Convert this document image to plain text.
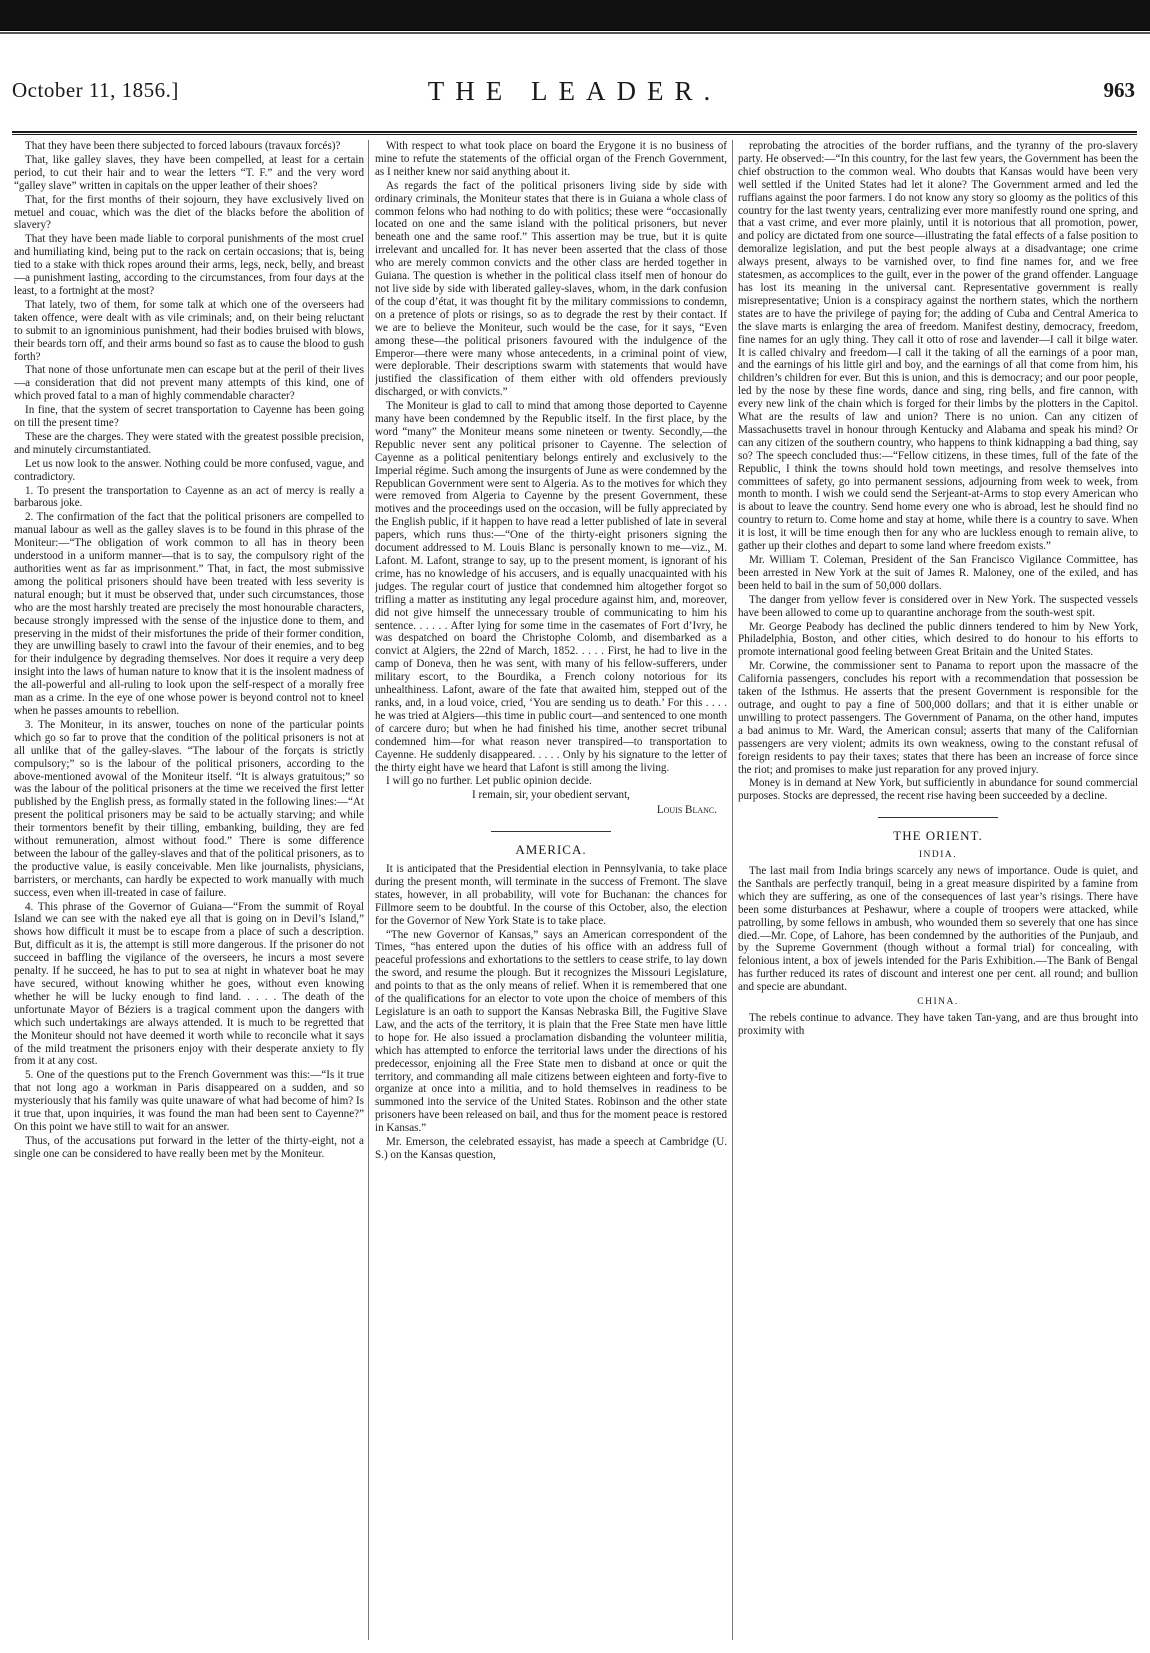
October 11, 1856.]	THE LEADER.	963

That they have been there subjected to forced labours (travaux forcés)?

That, like galley slaves, they have been compelled, at least for a certain period, to cut their hair and to wear the letters “T. F.” and the very word “galley slave” written in capitals on the upper leather of their shoes?

That, for the first months of their sojourn, they have exclusively lived on metuel and couac, which was the diet of the blacks before the abolition of slavery?

That they have been made liable to corporal punishments of the most cruel and humiliating kind, being put to the rack on certain occasions; that is, being tied to a stake with thick ropes around their arms, legs, neck, belly, and breast—a punishment lasting, according to the circumstances, from four days at the least, to a fortnight at the most?

That lately, two of them, for some talk at which one of the overseers had taken offence, were dealt with as vile criminals; and, on their being reluctant to submit to an ignominious punishment, had their bodies bruised with blows, their beards torn off, and their arms bound so fast as to cause the blood to gush forth?

That none of those unfortunate men can escape but at the peril of their lives—a consideration that did not prevent many attempts of this kind, one of which proved fatal to a man of highly commendable character?

In fine, that the system of secret transportation to Cayenne has been going on till the present time?

These are the charges. They were stated with the greatest possible precision, and minutely circumstantiated.

Let us now look to the answer. Nothing could be more confused, vague, and contradictory.

1. To present the transportation to Cayenne as an act of mercy is really a barbarous joke.

2. The confirmation of the fact that the political prisoners are compelled to manual labour as well as the galley slaves is to be found in this phrase of the Moniteur:—“The obligation of work common to all has in theory been understood in a uniform manner—that is to say, the compulsory right of the authorities went as far as imprisonment.” That, in fact, the most submissive among the political prisoners should have been treated with less severity is natural enough; but it must be observed that, under such circumstances, those who are the most harshly treated are precisely the most honourable characters, because strongly impressed with the sense of the injustice done to them, and preserving in the midst of their misfortunes the pride of their former condition, they are unwilling basely to crawl into the favour of their enemies, and to beg for their indulgence by degrading themselves. Nor does it require a very deep insight into the laws of human nature to know that it is the insolent madness of the all-powerful and all-ruling to look upon the self-respect of a morally free man as a crime. In the eye of one whose power is beyond control not to kneel when he passes amounts to rebellion.

3. The Moniteur, in its answer, touches on none of the particular points which go so far to prove that the condition of the political prisoners is not at all unlike that of the galley-slaves. “The labour of the forçats is strictly compulsory;” so is the labour of the political prisoners, according to the above-mentioned avowal of the Moniteur itself. “It is always gratuitous;” so was the labour of the political prisoners at the time we received the first letter published by the English press, as formally stated in the following lines:—“At present the political prisoners may be said to be actually starving; and while their tormentors benefit by their tilling, embanking, building, they are fed without remuneration, almost without food.” There is some difference between the labour of the galley-slaves and that of the political prisoners, as to the productive value, is easily conceivable. Men like journalists, physicians, barristers, or merchants, can hardly be expected to work manually with much success, even when ill-treated in case of failure.

4. This phrase of the Governor of Guiana—“From the summit of Royal Island we can see with the naked eye all that is going on in Devil’s Island,” shows how difficult it must be to escape from a place of such a description. But, difficult as it is, the attempt is still more dangerous. If the prisoner do not succeed in baffling the vigilance of the overseers, he incurs a most severe penalty. If he succeed, he has to put to sea at night in whatever boat he may have secured, without knowing whither he goes, without even knowing whether he will be lucky enough to find land. . . . . The death of the unfortunate Mayor of Béziers is a tragical comment upon the dangers with which such undertakings are always attended. It is much to be regretted that the Moniteur should not have deemed it worth while to reconcile what it says of the mild treatment the prisoners enjoy with their desperate anxiety to fly from it at any cost.

5. One of the questions put to the French Government was this:—“Is it true that not long ago a workman in Paris disappeared on a sudden, and so mysteriously that his family was quite unaware of what had become of him? Is it true that, upon inquiries, it was found the man had been sent to Cayenne?” On this point we have still to wait for an answer.

Thus, of the accusations put forward in the letter of the thirty-eight, not a single one can be considered to have really been met by the Moniteur.

With respect to what took place on board the Erygone it is no business of mine to refute the statements of the official organ of the French Government, as I neither knew nor said anything about it.

As regards the fact of the political prisoners living side by side with ordinary criminals, the Moniteur states that there is in Guiana a whole class of common felons who had nothing to do with politics; these were “occasionally located on one and the same island with the political prisoners, but never beneath one and the same roof.” This assertion may be true, but it is quite irrelevant and uncalled for. It has never been asserted that the class of those who are merely common convicts and the other class are herded together in Guiana. The question is whether in the political class itself men of honour do not live side by side with liberated galley-slaves, whom, in the dark confusion of the coup d’état, it was thought fit by the military commissions to condemn, on a pretence of plots or risings, so as to degrade the rest by their contact. If we are to believe the Moniteur, such would be the case, for it says, “Even among these—the political prisoners favoured with the indulgence of the Emperor—there were many whose antecedents, in a criminal point of view, were deplorable. Their descriptions swarm with statements that would have justified the classification of them either with old offenders previously discharged, or with convicts.”

The Moniteur is glad to call to mind that among those deported to Cayenne many have been condemned by the Republic itself. In the first place, by the word “many” the Moniteur means some nineteen or twenty. Secondly,—the Republic never sent any political prisoner to Cayenne. The selection of Cayenne as a political penitentiary belongs entirely and exclusively to the Imperial régime. Such among the insurgents of June as were condemned by the Republican Government were sent to Algeria. As to the motives for which they were removed from Algeria to Cayenne by the present Government, these motives and the proceedings used on the occasion, will be fully appreciated by the English public, if it happen to have read a letter published of late in several papers, which runs thus:—“One of the thirty-eight prisoners signing the document addressed to M. Louis Blanc is personally known to me—viz., M. Lafont. M. Lafont, strange to say, up to the present moment, is ignorant of his crime, has no knowledge of his accusers, and is equally unacquainted with his judges. The regular court of justice that condemned him altogether forgot so trifling a matter as instituting any legal procedure against him, and, moreover, did not give himself the unnecessary trouble of communicating to him his sentence. . . . . . After lying for some time in the casemates of Fort d’Ivry, he was despatched on board the Christophe Colomb, and disembarked as a convict at Algiers, the 22nd of March, 1852. . . . . First, he had to live in the camp of Doneva, then he was sent, with many of his fellow-sufferers, under military escort, to the Bourdika, a French colony notorious for its unhealthiness. Lafont, aware of the fate that awaited him, stepped out of the ranks, and, in a loud voice, cried, ‘You are sending us to death.’ For this . . . . he was tried at Algiers—this time in public court—and sentenced to one month of carcere duro; but when he had finished his time, another secret tribunal condemned him—for what reason never transpired—to transportation to Cayenne. He suddenly disappeared. . . . . Only by his signature to the letter of the thirty eight have we heard that Lafont is still among the living.

I will go no further. Let public opinion decide.

I remain, sir, your obedient servant,

Louis Blanc.

AMERICA.

It is anticipated that the Presidential election in Pennsylvania, to take place during the present month, will terminate in the success of Fremont. The slave states, however, in all probability, will vote for Buchanan: the chances for Fillmore seem to be doubtful. In the course of this October, also, the election for the Governor of New York State is to take place.

“The new Governor of Kansas,” says an American correspondent of the Times, “has entered upon the duties of his office with an address full of peaceful professions and exhortations to the settlers to cease strife, to lay down the sword, and resume the plough. But it recognizes the Missouri Legislature, and points to that as the only means of relief. When it is remembered that one of the qualifications for an elector to vote upon the choice of members of this Legislature is an oath to support the Kansas Nebraska Bill, the Fugitive Slave Law, and the acts of the territory, it is plain that the Free State men have little to hope for. He also issued a proclamation disbanding the volunteer militia, which has attempted to enforce the territorial laws under the directions of his predecessor, enjoining all the Free State men to disband at once or quit the territory, and commanding all male citizens between eighteen and forty-five to organize at once into a militia, and to hold themselves in readiness to be summoned into the service of the United States. Robinson and the other state prisoners have been released on bail, and thus for the moment peace is restored in Kansas.”

Mr. Emerson, the celebrated essayist, has made a speech at Cambridge (U. S.) on the Kansas question,

reprobating the atrocities of the border ruffians, and the tyranny of the pro-slavery party. He observed:—“In this country, for the last few years, the Government has been the chief obstruction to the common weal. Who doubts that Kansas would have been very well settled if the United States had let it alone? The Government armed and led the ruffians against the poor farmers. I do not know any story so gloomy as the politics of this country for the last twenty years, centralizing ever more manifestly round one spring, and that a vast crime, and ever more plainly, until it is notorious that all promotion, power, and policy are dictated from one source—illustrating the fatal effects of a false position to demoralize legislation, and put the best people always at a disadvantage; one crime always present, always to be varnished over, to find fine names for, and we free statesmen, as accomplices to the guilt, ever in the power of the grand offender. Language has lost its meaning in the universal cant. Representative government is really misrepresentative; Union is a conspiracy against the northern states, which the northern states are to have the privilege of paying for; the adding of Cuba and Central America to the slave marts is enlarging the area of freedom. Manifest destiny, democracy, freedom, fine names for an ugly thing. They call it otto of rose and lavender—I call it bilge water. It is called chivalry and freedom—I call it the taking of all the earnings of a poor man, and the earnings of his little girl and boy, and the earnings of all that come from him, his children’s children for ever. But this is union, and this is democracy; and our poor people, led by the nose by these fine words, dance and sing, ring bells, and fire cannon, with every new link of the chain which is forged for their limbs by the plotters in the Capitol. What are the results of law and union? There is no union. Can any citizen of Massachusetts travel in honour through Kentucky and Alabama and speak his mind? Or can any citizen of the southern country, who happens to think kidnapping a bad thing, say so? The speech concluded thus:—“Fellow citizens, in these times, full of the fate of the Republic, I think the towns should hold town meetings, and resolve themselves into committees of safety, go into permanent sessions, adjourning from week to week, from month to month. I wish we could send the Serjeant-at-Arms to stop every American who is about to leave the country. Send home every one who is abroad, lest he should find no country to return to. Come home and stay at home, while there is a country to save. When it is lost, it will be time enough then for any who are luckless enough to remain alive, to gather up their clothes and depart to some land where freedom exists.”

Mr. William T. Coleman, President of the San Francisco Vigilance Committee, has been arrested in New York at the suit of James R. Maloney, one of the exiled, and has been held to bail in the sum of 50,000 dollars.

The danger from yellow fever is considered over in New York. The suspected vessels have been allowed to come up to quarantine anchorage from the south-west spit.

Mr. George Peabody has declined the public dinners tendered to him by New York, Philadelphia, Boston, and other cities, which desired to do honour to his efforts to promote international good feeling between Great Britain and the United States.

Mr. Corwine, the commissioner sent to Panama to report upon the massacre of the California passengers, concludes his report with a recommendation that possession be taken of the Isthmus. He asserts that the present Government is responsible for the outrage, and ought to pay a fine of 500,000 dollars; and that it is either unable or unwilling to protect passengers. The Government of Panama, on the other hand, imputes a bad animus to Mr. Ward, the American consul; asserts that many of the Californian passengers are very violent; admits its own weakness, owing to the constant refusal of foreign residents to pay their taxes; states that there has been an increase of force since the riot; and promises to make just reparation for any proved injury.

Money is in demand at New York, but sufficiently in abundance for sound commercial purposes. Stocks are depressed, the recent rise having been succeeded by a decline.

THE ORIENT.
INDIA.

The last mail from India brings scarcely any news of importance. Oude is quiet, and the Santhals are perfectly tranquil, being in a great measure dispirited by a famine from which they are suffering, as one of the consequences of last year’s risings. There have been some disturbances at Peshawur, where a couple of troopers were attacked, while patrolling, by some fellows in ambush, who wounded them so severely that one has since died.—Mr. Cope, of Lahore, has been condemned by the authorities of the Punjaub, and by the Supreme Government (though without a formal trial) for concealing, with felonious intent, a box of jewels intended for the Paris Exhibition.—The Bank of Bengal has further reduced its rates of discount and interest one per cent. all round; and bullion and specie are abundant.

CHINA.

The rebels continue to advance. They have taken Tan-yang, and are thus brought into proximity with
